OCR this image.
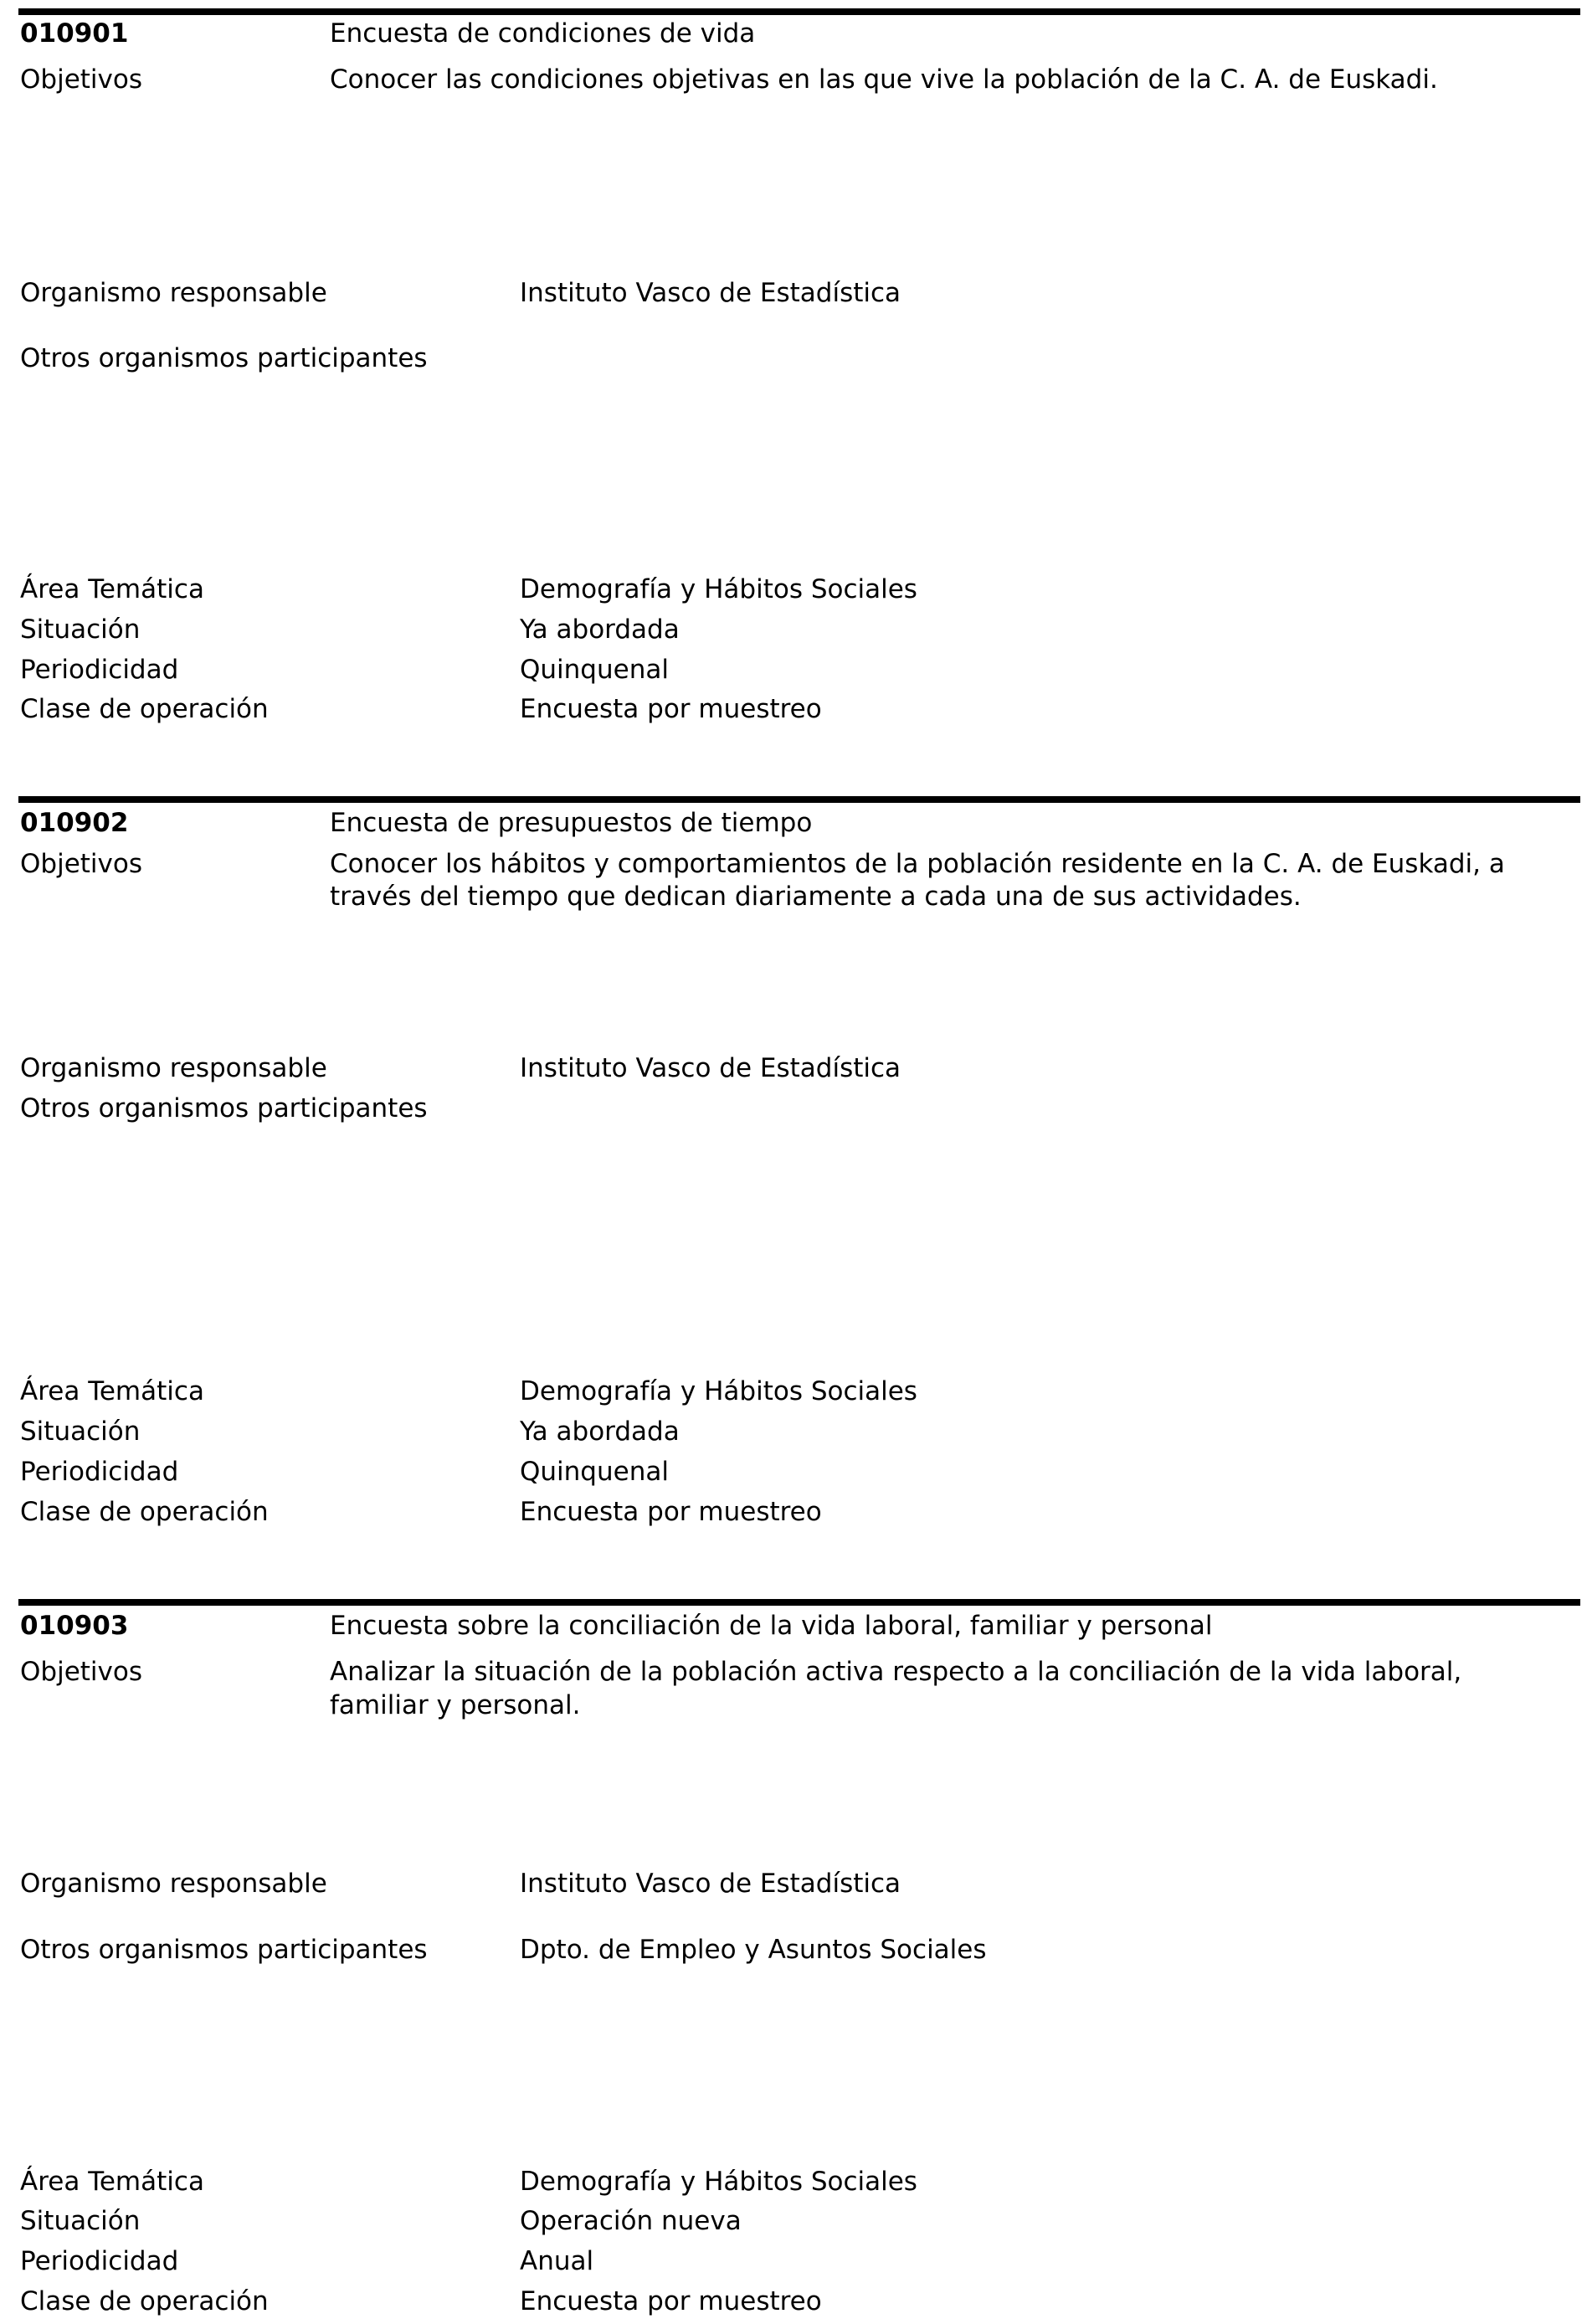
010901	Encuesta de condiciones de vida
Objetivos	Conocer las condiciones objetivas en las que vive la población de la C. A. de Euskadi.
Organismo responsable	Instituto Vasco de Estadística
Otros organismos participantes
Área Temática	Demografía y Hábitos Sociales
Situación	Ya abordada
Periodicidad	Quinquenal
Clase de operación	Encuesta por muestreo
010902	Encuesta de presupuestos de tiempo
Objetivos	Conocer los hábitos y comportamientos de la población residente en la C. A. de Euskadi, a
través del tiempo que dedican diariamente a cada una de sus actividades.
Organismo responsable	Instituto Vasco de Estadística
Otros organismos participantes
Área Temática	Demografía y Hábitos Sociales
Situación	Ya abordada
Periodicidad	Quinquenal
Clase de operación	Encuesta por muestreo
010903	Encuesta sobre la conciliación de la vida laboral, familiar y personal
Objetivos	Analizar la situación de la población activa respecto a la conciliación de la vida laboral,
familiar y personal.
Organismo responsable	Instituto Vasco de Estadística
Otros organismos participantes	Dpto. de Empleo y Asuntos Sociales
Área Temática	Demografía y Hábitos Sociales
Situación	Operación nueva
Periodicidad	Anual
Clase de operación	Encuesta por muestreo
